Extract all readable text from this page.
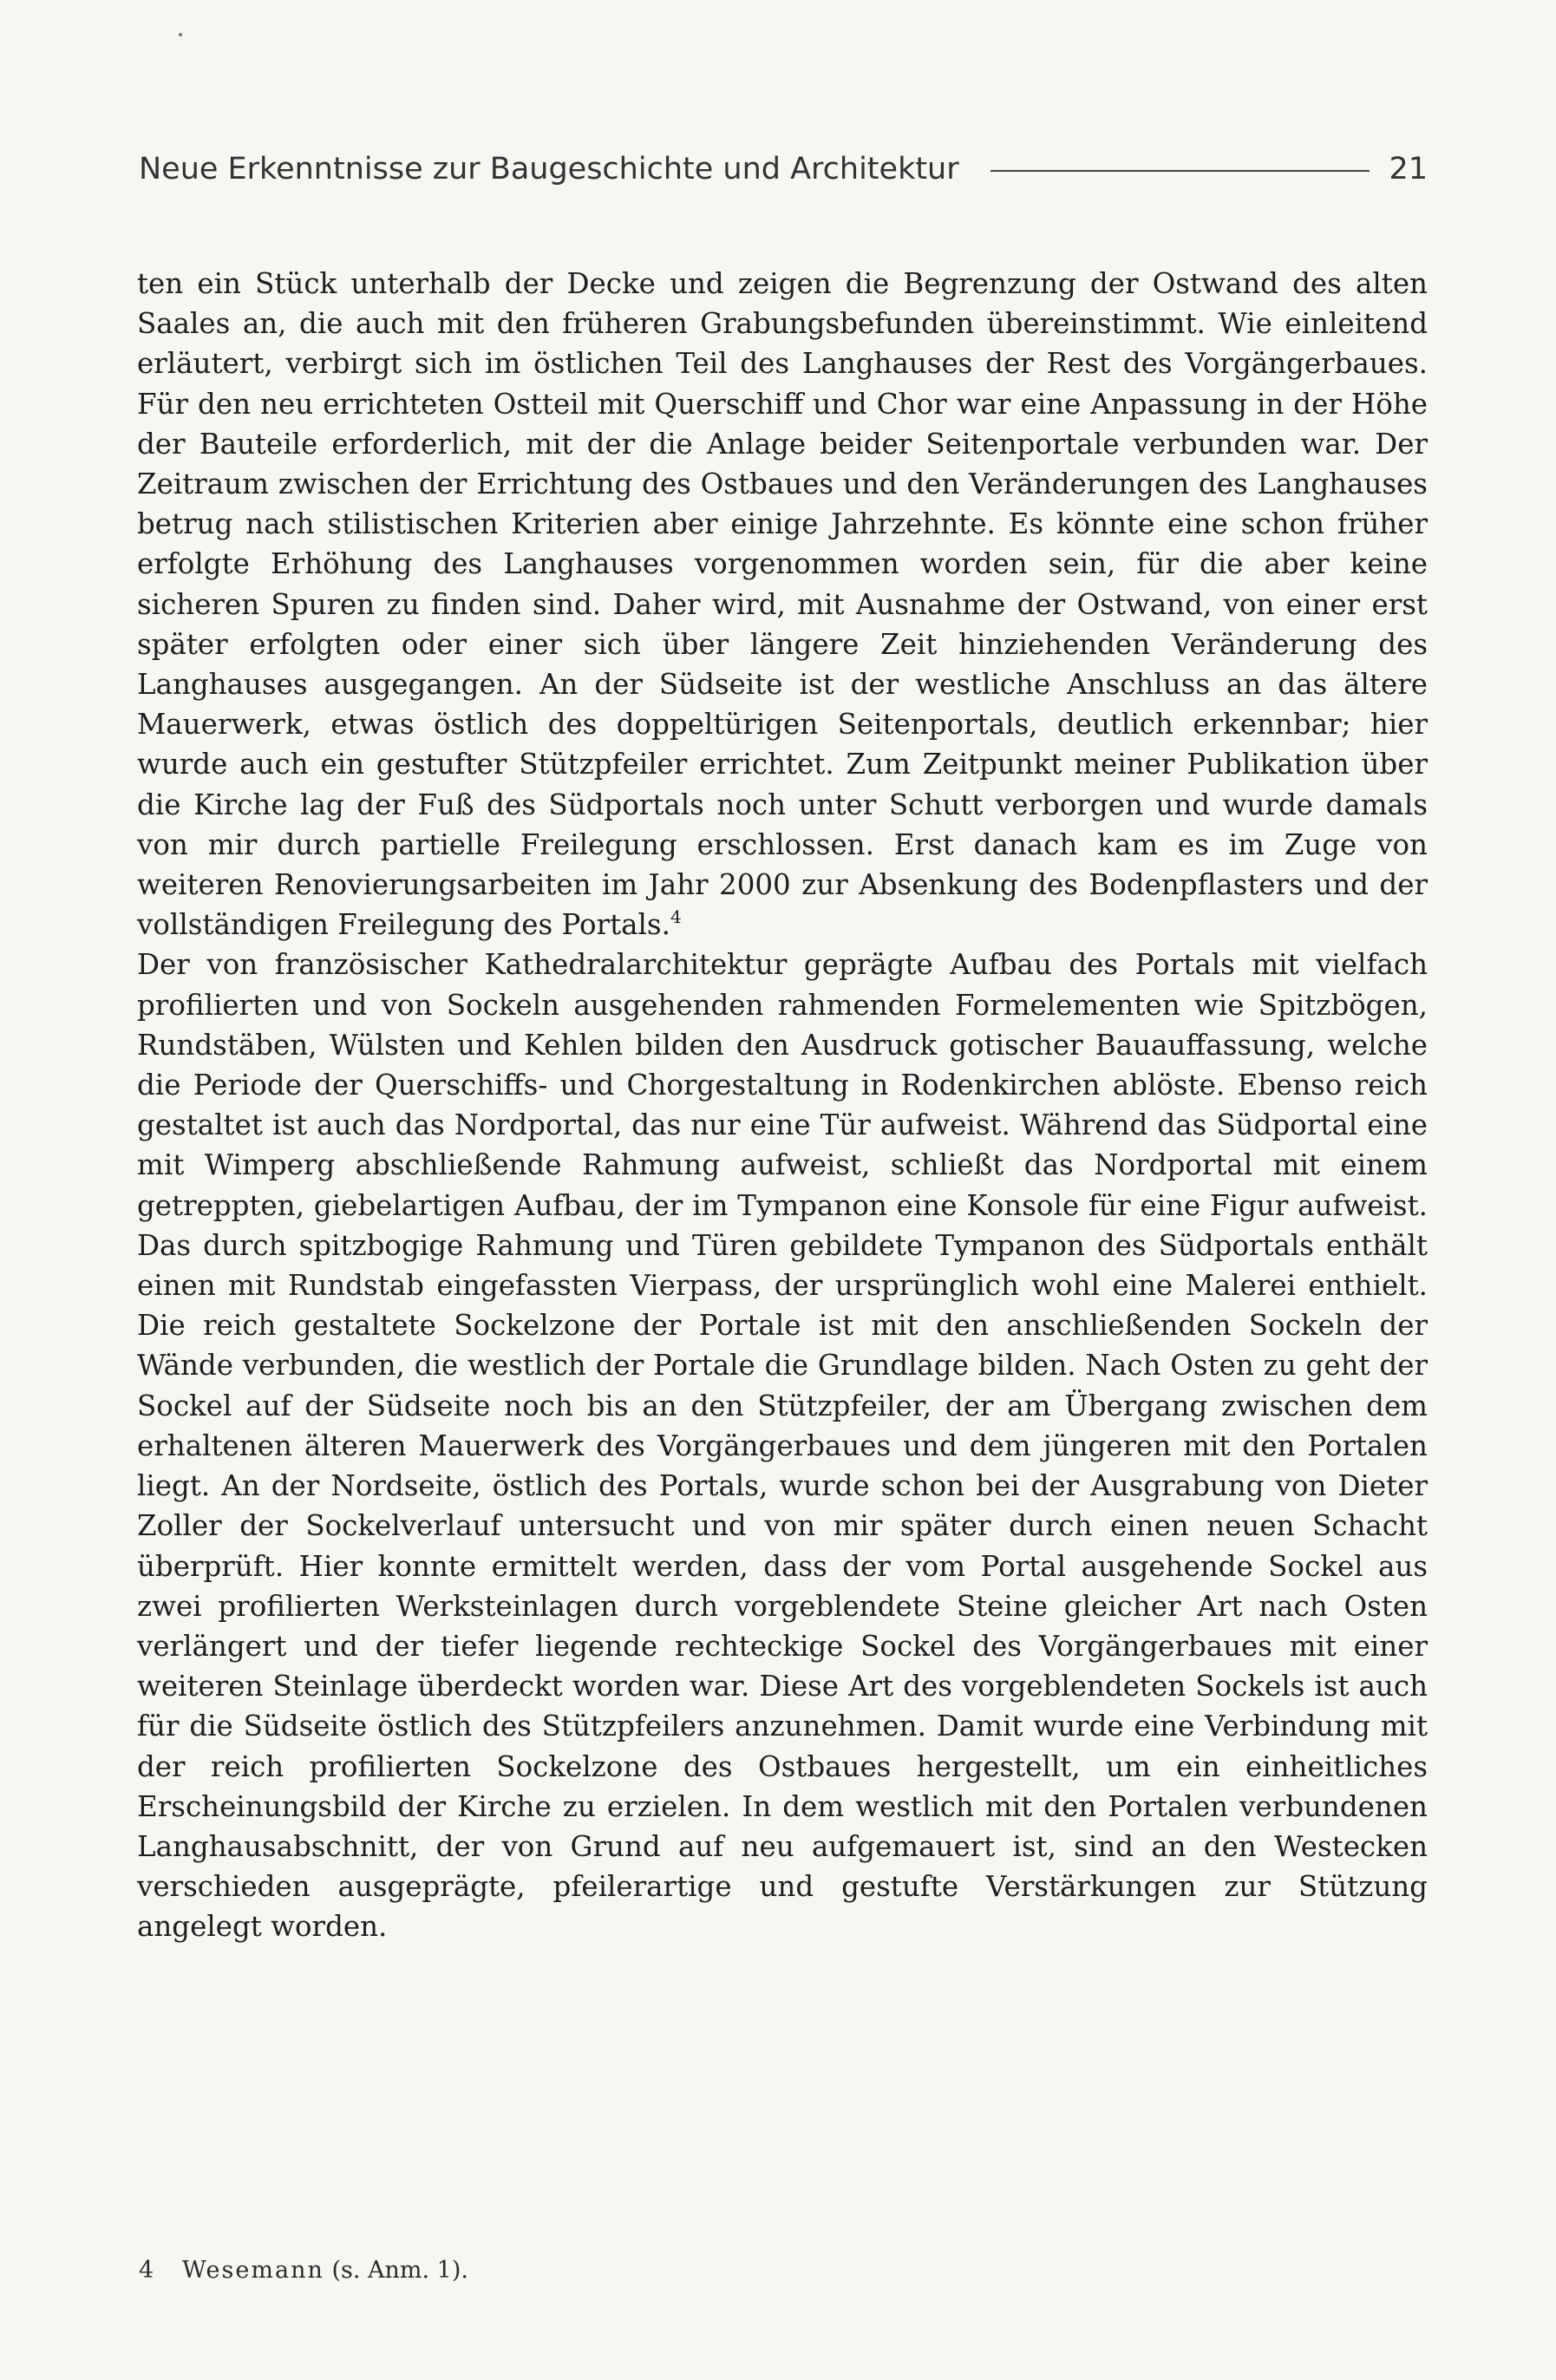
Neue Erkenntnisse zur Baugeschichte und Architektur	21

ten ein Stück unterhalb der Decke und zeigen die Begrenzung der Ostwand des alten Saales an, die auch mit den früheren Grabungsbefunden übereinstimmt. Wie einleitend erläutert, verbirgt sich im östlichen Teil des Langhauses der Rest des Vorgängerbaues. Für den neu errichteten Ostteil mit Querschiff und Chor war eine Anpassung in der Höhe der Bauteile erforderlich, mit der die Anlage beider Seitenportale verbunden war. Der Zeitraum zwischen der Errichtung des Ostbaues und den Veränderungen des Langhauses betrug nach stilistischen Kriterien aber einige Jahrzehnte. Es könnte eine schon früher erfolgte Erhöhung des Langhauses vorgenommen worden sein, für die aber keine sicheren Spuren zu finden sind. Daher wird, mit Ausnahme der Ostwand, von einer erst später erfolgten oder einer sich über längere Zeit hinziehenden Veränderung des Langhauses ausgegangen. An der Südseite ist der westliche Anschluss an das ältere Mauerwerk, etwas östlich des doppeltürigen Seitenportals, deutlich erkennbar; hier wurde auch ein gestufter Stützpfeiler errichtet. Zum Zeitpunkt meiner Publikation über die Kirche lag der Fuß des Südportals noch unter Schutt verborgen und wurde damals von mir durch partielle Freilegung erschlossen. Erst danach kam es im Zuge von weiteren Renovierungsarbeiten im Jahr 2000 zur Absenkung des Bodenpflasters und der vollständigen Freilegung des Portals.$^4$

Der von französischer Kathedralarchitektur geprägte Aufbau des Portals mit vielfach profilierten und von Sockeln ausgehenden rahmenden Formelementen wie Spitzbögen, Rundstäben, Wülsten und Kehlen bilden den Ausdruck gotischer Bauauffassung, welche die Periode der Querschiffs- und Chorgestaltung in Rodenkirchen ablöste. Ebenso reich gestaltet ist auch das Nordportal, das nur eine Tür aufweist. Während das Südportal eine mit Wimperg abschließende Rahmung aufweist, schließt das Nordportal mit einem getreppten, giebelartigen Aufbau, der im Tympanon eine Konsole für eine Figur aufweist. Das durch spitzbogige Rahmung und Türen gebildete Tympanon des Südportals enthält einen mit Rundstab eingefassten Vierpass, der ursprünglich wohl eine Malerei enthielt. Die reich gestaltete Sockelzone der Portale ist mit den anschließenden Sockeln der Wände verbunden, die westlich der Portale die Grundlage bilden. Nach Osten zu geht der Sockel auf der Südseite noch bis an den Stützpfeiler, der am Übergang zwischen dem erhaltenen älteren Mauerwerk des Vorgängerbaues und dem jüngeren mit den Portalen liegt. An der Nordseite, östlich des Portals, wurde schon bei der Ausgrabung von Dieter Zoller der Sockelverlauf untersucht und von mir später durch einen neuen Schacht überprüft. Hier konnte ermittelt werden, dass der vom Portal ausgehende Sockel aus zwei profilierten Werksteinlagen durch vorgeblendete Steine gleicher Art nach Osten verlängert und der tiefer liegende rechteckige Sockel des Vorgängerbaues mit einer weiteren Steinlage überdeckt worden war. Diese Art des vorgeblendeten Sockels ist auch für die Südseite östlich des Stützpfeilers anzunehmen. Damit wurde eine Verbindung mit der reich profilierten Sockelzone des Ostbaues hergestellt, um ein einheitliches Erscheinungsbild der Kirche zu erzielen. In dem westlich mit den Portalen verbundenen Langhausabschnitt, der von Grund auf neu aufgemauert ist, sind an den Westecken verschieden ausgeprägte, pfeilerartige und gestufte Verstärkungen zur Stützung angelegt worden.

4	Wesemann (s. Anm. 1).
